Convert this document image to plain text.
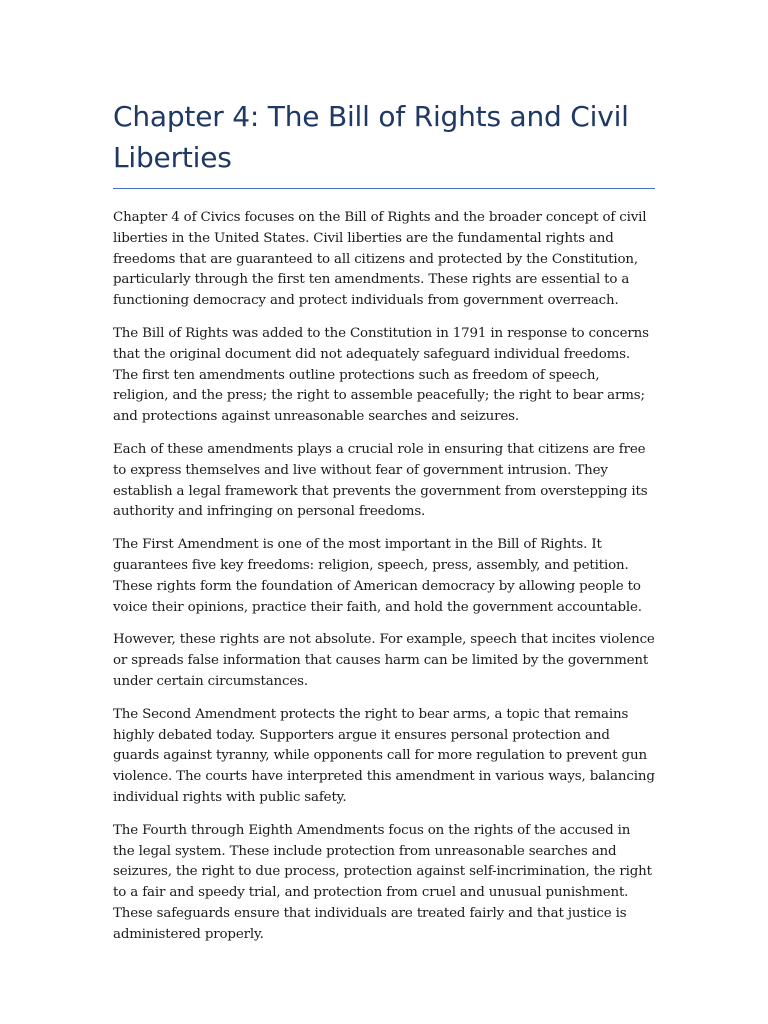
Chapter 4: The Bill of Rights and Civil Liberties

Chapter 4 of Civics focuses on the Bill of Rights and the broader concept of civil liberties in the United States. Civil liberties are the fundamental rights and freedoms that are guaranteed to all citizens and protected by the Constitution, particularly through the first ten amendments. These rights are essential to a functioning democracy and protect individuals from government overreach.

The Bill of Rights was added to the Constitution in 1791 in response to concerns that the original document did not adequately safeguard individual freedoms. The first ten amendments outline protections such as freedom of speech, religion, and the press; the right to assemble peacefully; the right to bear arms; and protections against unreasonable searches and seizures.

Each of these amendments plays a crucial role in ensuring that citizens are free to express themselves and live without fear of government intrusion. They establish a legal framework that prevents the government from overstepping its authority and infringing on personal freedoms.

The First Amendment is one of the most important in the Bill of Rights. It guarantees five key freedoms: religion, speech, press, assembly, and petition. These rights form the foundation of American democracy by allowing people to voice their opinions, practice their faith, and hold the government accountable.

However, these rights are not absolute. For example, speech that incites violence or spreads false information that causes harm can be limited by the government under certain circumstances.

The Second Amendment protects the right to bear arms, a topic that remains highly debated today. Supporters argue it ensures personal protection and guards against tyranny, while opponents call for more regulation to prevent gun violence. The courts have interpreted this amendment in various ways, balancing individual rights with public safety.

The Fourth through Eighth Amendments focus on the rights of the accused in the legal system. These include protection from unreasonable searches and seizures, the right to due process, protection against self-incrimination, the right to a fair and speedy trial, and protection from cruel and unusual punishment. These safeguards ensure that individuals are treated fairly and that justice is administered properly.
